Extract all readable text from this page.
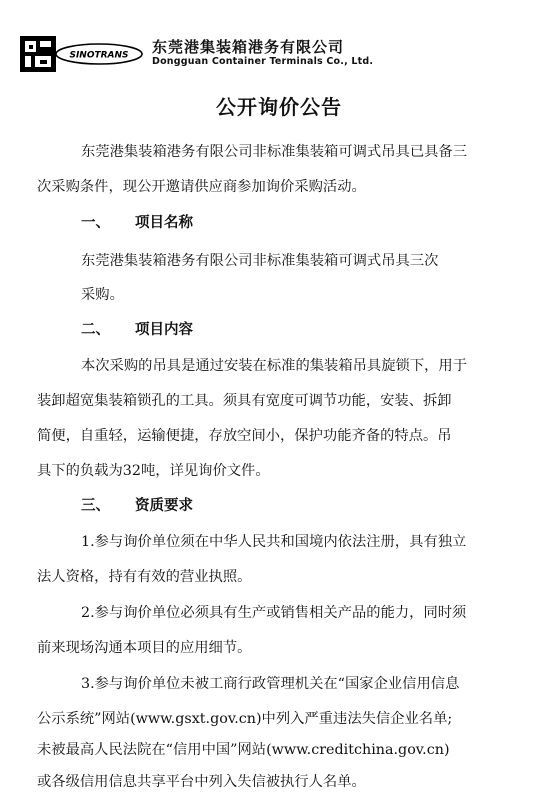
SINOTRANS 东莞港集装箱港务有限公司
Dongguan Container Terminals Co., Ltd.
公开询价公告
东莞港集装箱港务有限公司非标准集装箱可调式吊具已具备三
次采购条件，现公开邀请供应商参加询价采购活动。
一、 项目名称
东莞港集装箱港务有限公司非标准集装箱可调式吊具三次
采购。
二、 项目内容
本次采购的吊具是通过安装在标准的集装箱吊具旋锁下，用于
装卸超宽集装箱锁孔的工具。须具有宽度可调节功能，安装、拆卸
简便，自重轻，运输便捷，存放空间小，保护功能齐备的特点。吊
具下的负载为32吨，详见询价文件。
三、 资质要求
1.参与询价单位须在中华人民共和国境内依法注册，具有独立
法人资格，持有有效的营业执照。
2.参与询价单位必须具有生产或销售相关产品的能力，同时须
前来现场沟通本项目的应用细节。
3.参与询价单位未被工商行政管理机关在“国家企业信用信息
公示系统”网站(www.gsxt.gov.cn)中列入严重违法失信企业名单;
未被最高人民法院在“信用中国”网站(www.creditchina.gov.cn)
或各级信用信息共享平台中列入失信被执行人名单。
